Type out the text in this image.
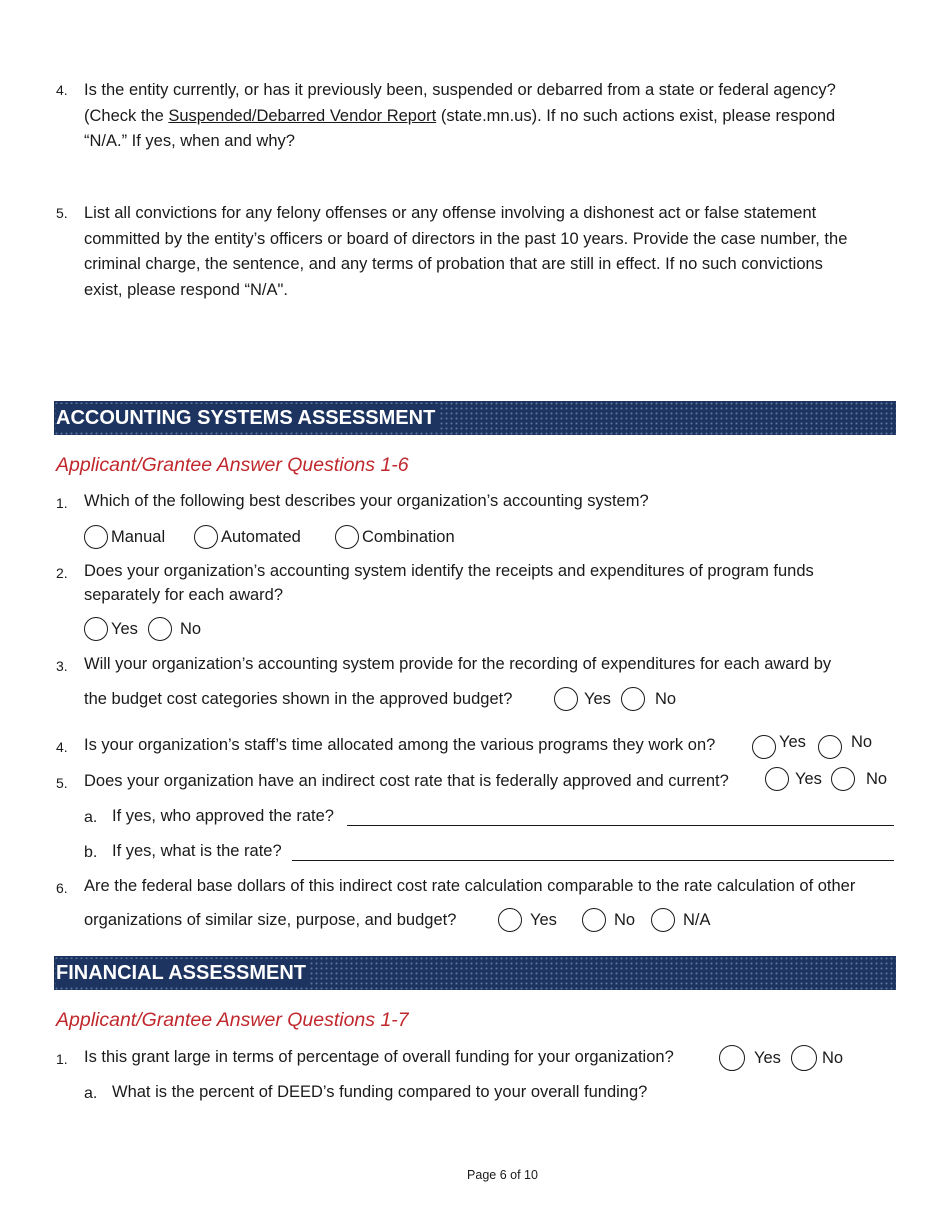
4. Is the entity currently, or has it previously been, suspended or debarred from a state or federal agency?
(Check the Suspended/Debarred Vendor Report (state.mn.us). If no such actions exist, please respond
“N/A.” If yes, when and why?
5. List all convictions for any felony offenses or any offense involving a dishonest act or false statement
committed by the entity’s officers or board of directors in the past 10 years. Provide the case number, the
criminal charge, the sentence, and any terms of probation that are still in effect. If no such convictions
exist, please respond “N/A".
ACCOUNTING SYSTEMS ASSESSMENT
Applicant/Grantee Answer Questions 1-6
1. Which of the following best describes your organization’s accounting system?
Manual	Automated	Combination
2. Does your organization’s accounting system identify the receipts and expenditures of program funds
separately for each award?
Yes	No
3. Will your organization’s accounting system provide for the recording of expenditures for each award by
the budget cost categories shown in the approved budget?	Yes	No
4. Is your organization’s staff’s time allocated among the various programs they work on?	Yes	No
5. Does your organization have an indirect cost rate that is federally approved and current?	Yes	No
a. If yes, who approved the rate?
b. If yes, what is the rate?
6. Are the federal base dollars of this indirect cost rate calculation comparable to the rate calculation of other
organizations of similar size, purpose, and budget?	Yes	No	N/A
FINANCIAL ASSESSMENT
Applicant/Grantee Answer Questions 1-7
1. Is this grant large in terms of percentage of overall funding for your organization?	Yes No
a. What is the percent of DEED’s funding compared to your overall funding?
Page 6 of 10
